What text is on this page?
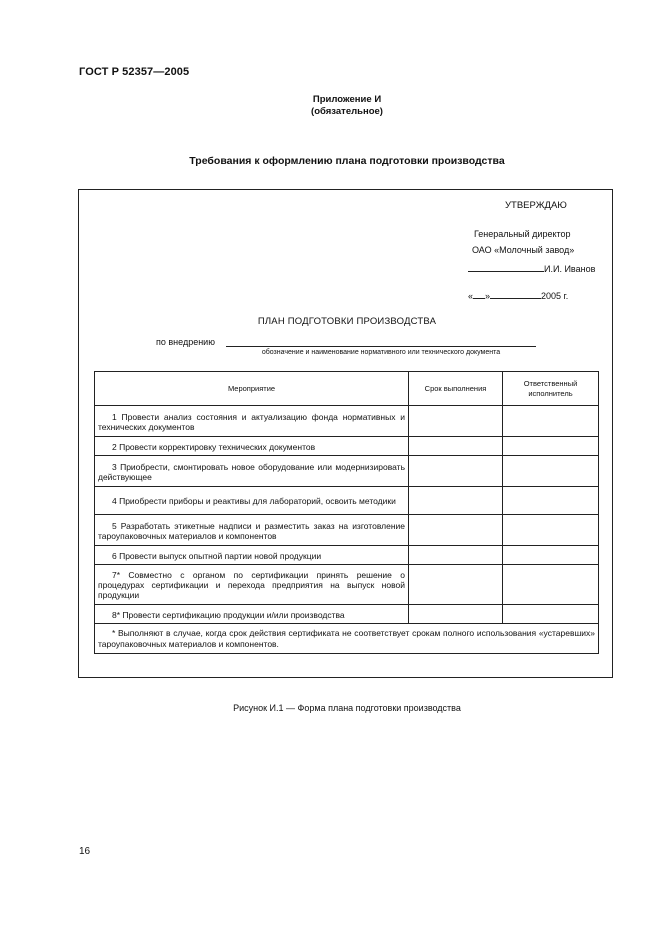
ГОСТ Р 52357—2005
Приложение И
(обязательное)
Требования к оформлению плана подготовки производства
УТВЕРЖДАЮ
Генеральный директор
ОАО «Молочный завод»
И.И. Иванов
« »	2005 г.
ПЛАН ПОДГОТОВКИ ПРОИЗВОДСТВА
по внедрению
обозначение и наименование нормативного или технического документа
Мероприятие	Срок выполнения	Ответственный исполнитель
1 Провести анализ состояния и актуализацию фонда нормативных и технических документов		
2 Провести корректировку технических документов		
3 Приобрести, смонтировать новое оборудование или модернизировать действующее		
4 Приобрести приборы и реактивы для лабораторий, освоить методики		
5 Разработать этикетные надписи и разместить заказ на изготовление тароупаковочных материалов и компонентов		
6 Провести выпуск опытной партии новой продукции		
7* Совместно с органом по сертификации принять решение о процедурах сертификации и перехода предприятия на выпуск новой продукции		
8* Провести сертификацию продукции и/или производства		
* Выполняют в случае, когда срок действия сертификата не соответствует срокам полного использования «устаревших» тароупаковочных материалов и компонентов.		
Рисунок И.1 — Форма плана подготовки производства
16
